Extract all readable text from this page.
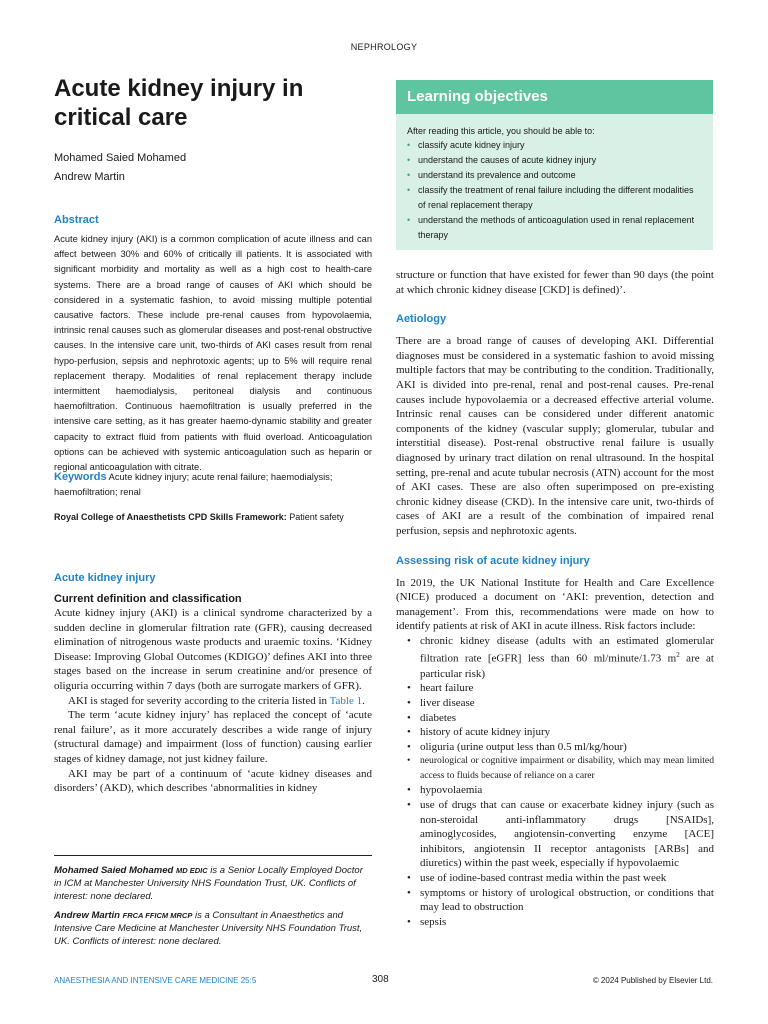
NEPHROLOGY
Acute kidney injury in critical care
Mohamed Saied Mohamed
Andrew Martin
Abstract

Acute kidney injury (AKI) is a common complication of acute illness and can affect between 30% and 60% of critically ill patients. It is associated with significant morbidity and mortality as well as a high cost to health-care systems. There are a broad range of causes of AKI which should be considered in a systematic fashion, to avoid missing multiple potential causative factors. These include pre-renal causes from hypovolaemia, intrinsic renal causes such as glomerular diseases and post-renal obstructive causes. In the intensive care unit, two-thirds of AKI cases result from renal hypo-perfusion, sepsis and nephrotoxic agents; up to 5% will require renal replacement therapy. Modalities of renal replacement therapy include intermittent haemodialysis, peritoneal dialysis and continuous haemofiltration. Continuous haemofiltration is usually preferred in the intensive care setting, as it has greater haemo-dynamic stability and greater capacity to extract fluid from patients with fluid overload. Anticoagulation options can be achieved with systemic anticoagulation such as heparin or regional anticoagulation with citrate.

Keywords Acute kidney injury; acute renal failure; haemodialysis; haemofiltration; renal

Royal College of Anaesthetists CPD Skills Framework: Patient safety
Learning objectives
After reading this article, you should be able to:
• classify acute kidney injury
• understand the causes of acute kidney injury
• understand its prevalence and outcome
• classify the treatment of renal failure including the different modalities of renal replacement therapy
• understand the methods of anticoagulation used in renal replacement therapy
Acute kidney injury
Current definition and classification

Acute kidney injury (AKI) is a clinical syndrome characterized by a sudden decline in glomerular filtration rate (GFR), causing decreased elimination of nitrogenous waste products and uraemic toxins. ‘Kidney Disease: Improving Global Outcomes (KDIGO)’ defines AKI into three stages based on the increase in serum creatinine and/or presence of oliguria occurring within 7 days (both are surrogate markers of GFR).

AKI is staged for severity according to the criteria listed in Table 1.

The term ‘acute kidney injury’ has replaced the concept of ‘acute renal failure’, as it more accurately describes a wide range of injury (structural damage) and impairment (loss of function) causing earlier stages of kidney damage, not just kidney failure.

AKI may be part of a continuum of ‘acute kidney diseases and disorders’ (AKD), which describes ‘abnormalities in kidney

Mohamed Saied Mohamed MD EDIC is a Senior Locally Employed Doctor in ICM at Manchester University NHS Foundation Trust, UK. Conflicts of interest: none declared.

Andrew Martin FRCA FFICM MRCP is a Consultant in Anaesthetics and Intensive Care Medicine at Manchester University NHS Foundation Trust, UK. Conflicts of interest: none declared.

structure or function that have existed for fewer than 90 days (the point at which chronic kidney disease [CKD] is defined)’.

Aetiology

There are a broad range of causes of developing AKI. Differential diagnoses must be considered in a systematic fashion to avoid missing multiple factors that may be contributing to the condition. Traditionally, AKI is divided into pre-renal, renal and post-renal causes. Pre-renal causes include hypovolaemia or a decreased effective arterial volume. Intrinsic renal causes can be considered under different anatomic components of the kidney (vascular supply; glomerular, tubular and interstitial disease). Post-renal obstructive renal failure is usually diagnosed by urinary tract dilation on renal ultrasound. In the hospital setting, pre-renal and acute tubular necrosis (ATN) account for the most of AKI cases. These are also often superimposed on pre-existing chronic kidney disease (CKD). In the intensive care unit, two-thirds of cases of AKI are a result of the combination of impaired renal perfusion, sepsis and nephrotoxic agents.

Assessing risk of acute kidney injury

In 2019, the UK National Institute for Health and Care Excellence (NICE) produced a document on ‘AKI: prevention, detection and management’. From this, recommendations were made on how to identify patients at risk of AKI in acute illness. Risk factors include:

• chronic kidney disease (adults with an estimated glomerular filtration rate [eGFR] less than 60 ml/minute/1.73 $m^2$ are at particular risk)
• heart failure
• liver disease
• diabetes
• history of acute kidney injury
• oliguria (urine output less than 0.5 ml/kg/hour)
• neurological or cognitive impairment or disability, which may mean limited access to fluids because of reliance on a carer
• hypovolaemia
• use of drugs that can cause or exacerbate kidney injury (such as non-steroidal anti-inflammatory drugs [NSAIDs], aminoglycosides, angiotensin-converting enzyme [ACE] inhibitors, angiotensin II receptor antagonists [ARBs] and diuretics) within the past week, especially if hypovolaemic
• use of iodine-based contrast media within the past week
• symptoms or history of urological obstruction, or conditions that may lead to obstruction
• sepsis
ANAESTHESIA AND INTENSIVE CARE MEDICINE 25:5	308	© 2024 Published by Elsevier Ltd.
